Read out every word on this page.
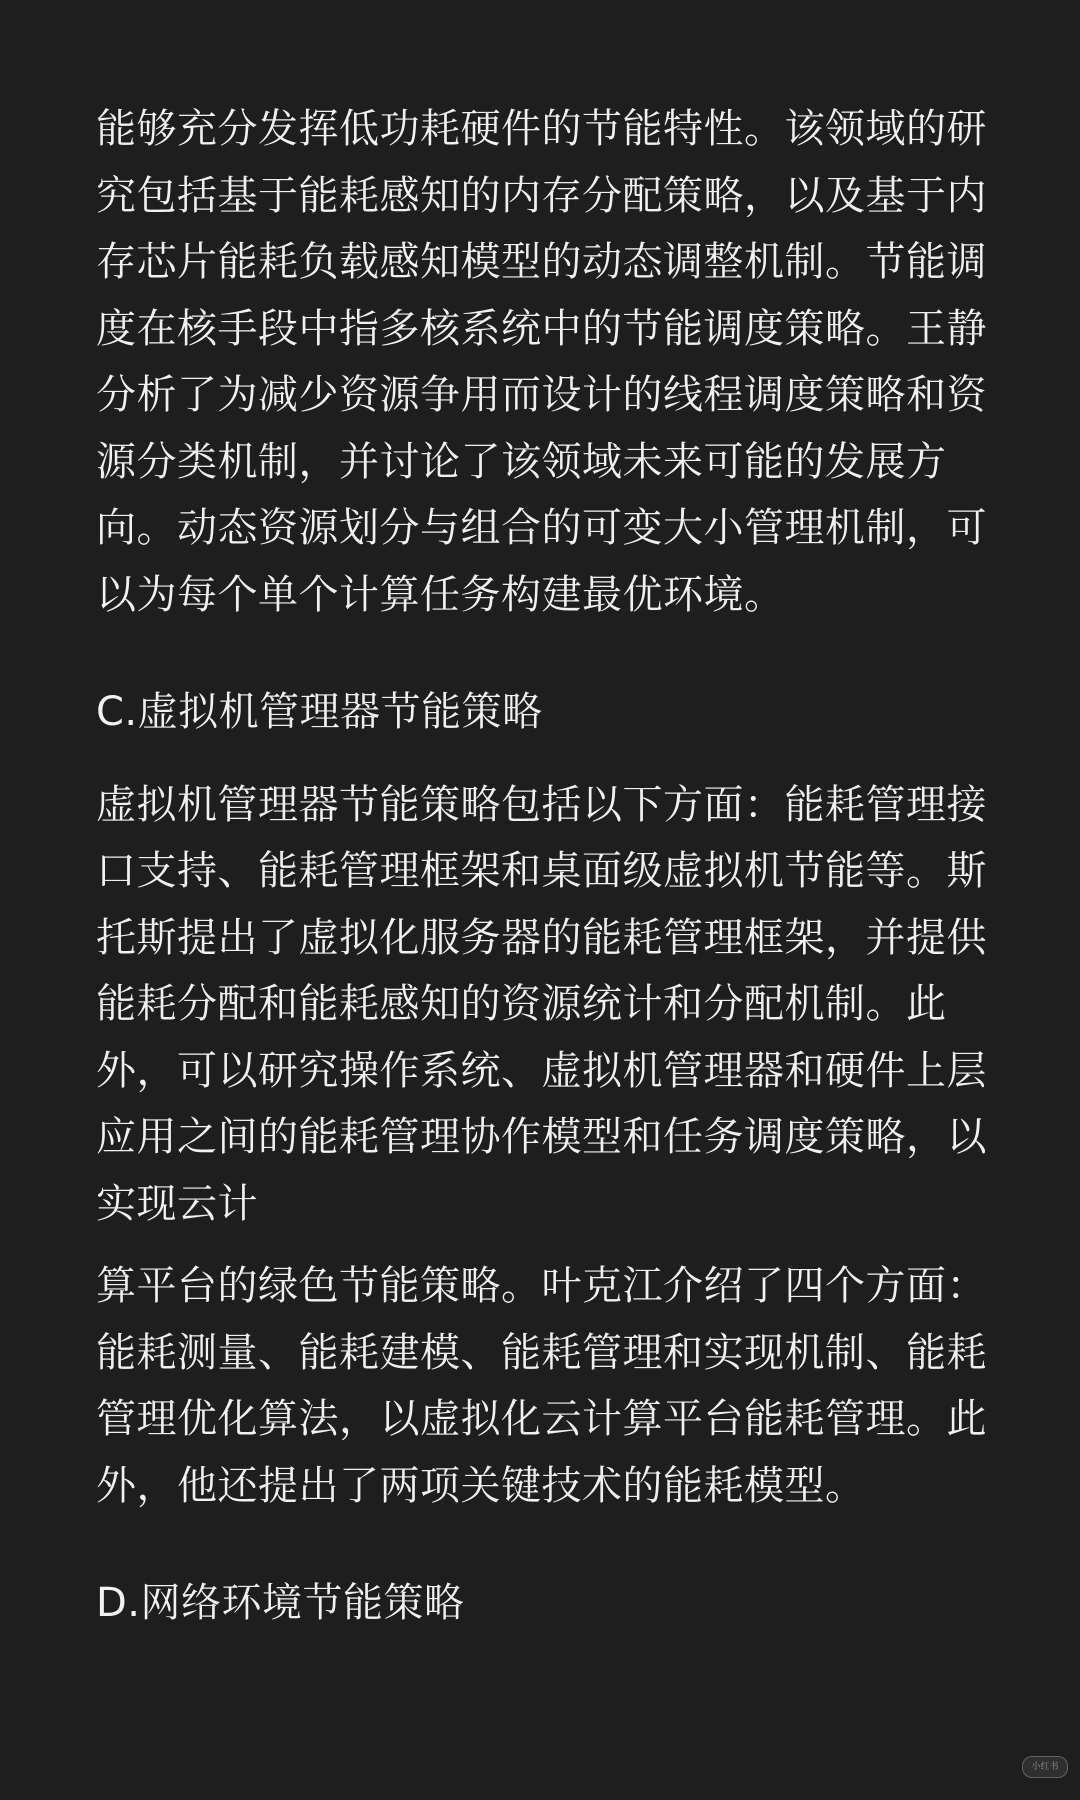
能够充分发挥低功耗硬件的节能特性。该领域的研
究包括基于能耗感知的内存分配策略，以及基于内
存芯片能耗负载感知模型的动态调整机制。节能调
度在核手段中指多核系统中的节能调度策略。王静
分析了为减少资源争用而设计的线程调度策略和资
源分类机制，并讨论了该领域未来可能的发展方
向。动态资源划分与组合的可变大小管理机制，可
以为每个单个计算任务构建最优环境。

C.虚拟机管理器节能策略

虚拟机管理器节能策略包括以下方面：能耗管理接
口支持、能耗管理框架和桌面级虚拟机节能等。斯
托斯提出了虚拟化服务器的能耗管理框架，并提供
能耗分配和能耗感知的资源统计和分配机制。此
外，可以研究操作系统、虚拟机管理器和硬件上层
应用之间的能耗管理协作模型和任务调度策略，以
实现云计

算平台的绿色节能策略。叶克江介绍了四个方面：
能耗测量、能耗建模、能耗管理和实现机制、能耗
管理优化算法，以虚拟化云计算平台能耗管理。此
外，他还提出了两项关键技术的能耗模型。

D.网络环境节能策略

小红书
